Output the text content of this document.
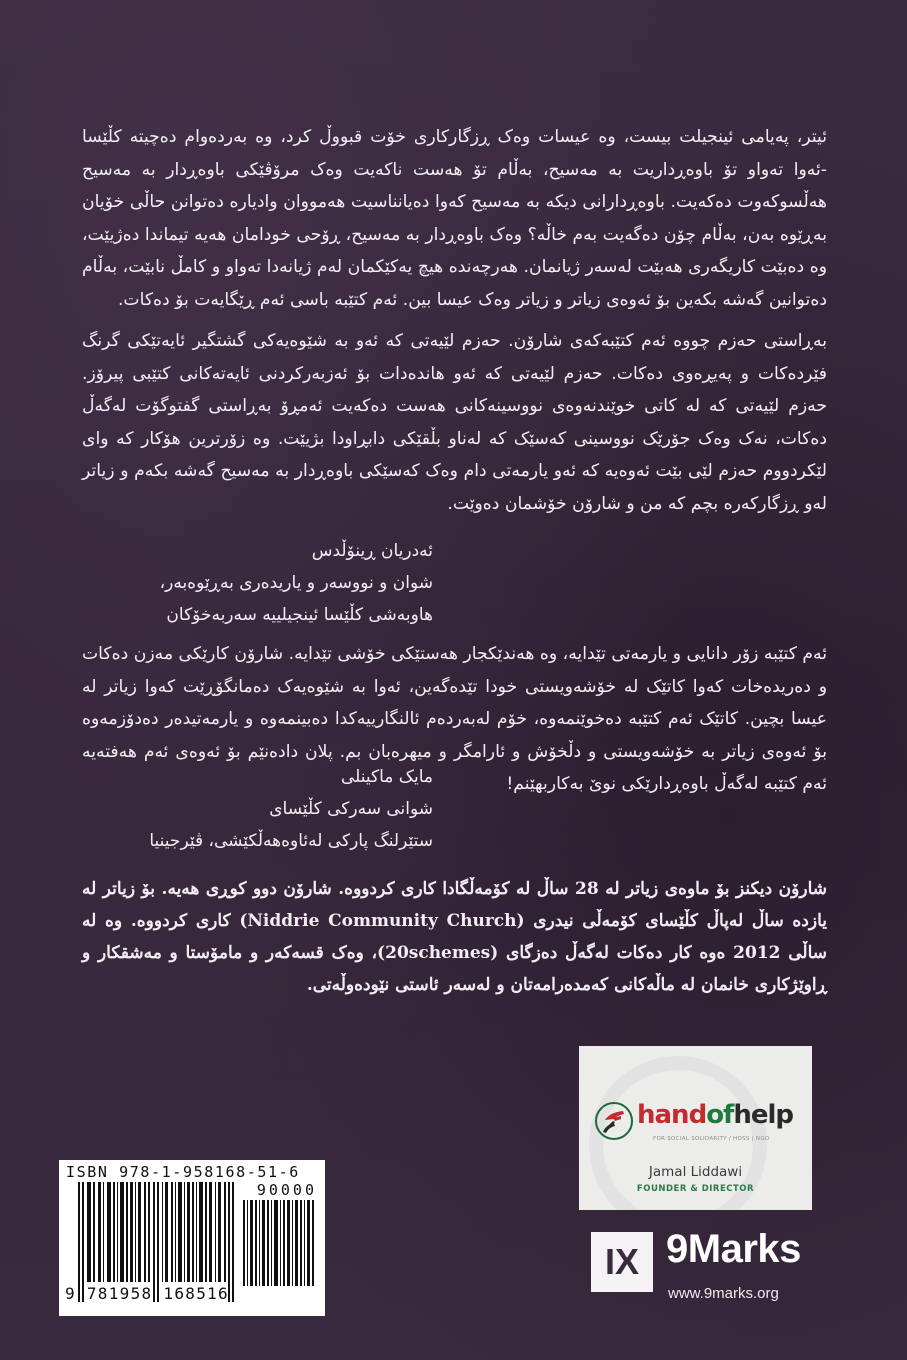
ئیتر، پەیامی ئینجیلت بیست، وە عیسات وەک ڕزگارکاری خۆت قبووڵ کرد، وە بەردەوام دەچیتە کڵێسا -ئەوا تەواو تۆ باوەڕداریت بە مەسیح، بەڵام تۆ هەست ناکەیت وەک مرۆڤێکی باوەڕدار بە مەسیح هەڵسوکەوت دەکەیت. باوەڕدارانی دیکە بە مەسیح کەوا دەیانناسیت هەمووان وادیارە دەتوانن حاڵی خۆیان بەڕێوە بەن، بەڵام چۆن دەگەیت بەم خاڵە؟ وەک باوەڕدار بە مەسیح، ڕۆحی خودامان هەیە تیماندا دەژیێت، وە دەبێت کاریگەری هەبێت لەسەر ژیانمان. هەرچەندە هیچ یەکێکمان لەم ژیانەدا تەواو و کامڵ نابێت، بەڵام دەتوانین گەشە بکەین بۆ ئەوەی زیاتر و زیاتر وەک عیسا بین. ئەم کتێبە باسی ئەم ڕێگایەت بۆ دەکات.

بەڕاستی حەزم چووە ئەم کتێبەکەی شارۆن. حەزم لێیەتی کە ئەو بە شێوەیەکی گشتگیر ئایەتێکی گرنگ فێردەکات و پەیڕەوی دەکات. حەزم لێیەتی کە ئەو هاندەدات بۆ ئەزبەرکردنی ئایەتەکانی کتێبی پیرۆز. حەزم لێیەتی کە لە کاتی خوێندنەوەی نووسینەکانی هەست دەکەیت ئەمڕۆ بەڕاستی گفتوگۆت لەگەڵ دەکات، نەک وەک جۆرێک نووسینی کەسێک کە لەناو بڵقێکی دابڕاودا بژیێت. وە زۆرترین هۆکار کە وای لێکردووم حەزم لێی بێت ئەوەیە کە ئەو یارمەتی دام وەک کەسێکی باوەڕدار بە مەسیح گەشە بکەم و زیاتر لەو ڕزگارکەرە بچم کە من و شارۆن خۆشمان دەوێت.

ئەدریان ڕینۆڵدس
شوان و نووسەر و یاریدەری بەڕێوەبەر،
هاوبەشی کڵێسا ئینجیلییە سەربەخۆکان

ئەم کتێبە زۆر دانایی و یارمەتی تێدایە، وە هەندێکجار هەستێکی خۆشی تێدایە. شارۆن کارێکی مەزن دەکات و دەریدەخات کەوا کاتێک لە خۆشەویستی خودا تێدەگەین، ئەوا بە شێوەیەک دەمانگۆڕێت کەوا زیاتر لە عیسا بچین. کاتێک ئەم کتێبە دەخوێنمەوە، خۆم لەبەردەم ئالنگارییەکدا دەبینمەوە و یارمەتیدەر دەدۆزمەوە بۆ ئەوەی زیاتر بە خۆشەویستی و دڵخۆش و ئارامگر و میهرەبان بم. پلان دادەنێم بۆ ئەوەی ئەم هەفتەیە ئەم کتێبە لەگەڵ باوەڕدارێکی نوێ بەکاربهێنم!

مایک ماکینلی
شوانی سەرکی کڵێسای
ستێرلنگ پارکی لەئاوەهەڵکێشی، ڤێرجینیا

شارۆن دیکنز بۆ ماوەی زیاتر لە 28 ساڵ لە کۆمەڵگادا کاری کردووە. شارۆن دوو کوڕی هەیە. بۆ زیاتر لە یازدە ساڵ لەپاڵ کڵێسای کۆمەڵی نیدری (Niddrie Community Church) کاری کردووە. وە لە ساڵی 2012 ەوە کار دەکات لەگەڵ دەزگای (20schemes)، وەک قسەکەر و مامۆستا و مەشقکار و ڕاوێژکاری خانمان لە ماڵەکانی کەمدەرامەتان و لەسەر ئاستی نێودەوڵەتی.

handofhelp
FOR SOCIAL SOLIDARITY / HOSS | NGO
Jamal Liddawi
FOUNDER & DIRECTOR
ISBN 978-1-958168-51-6
90000
9 781958 168516
IX 9Marks
www.9marks.org
